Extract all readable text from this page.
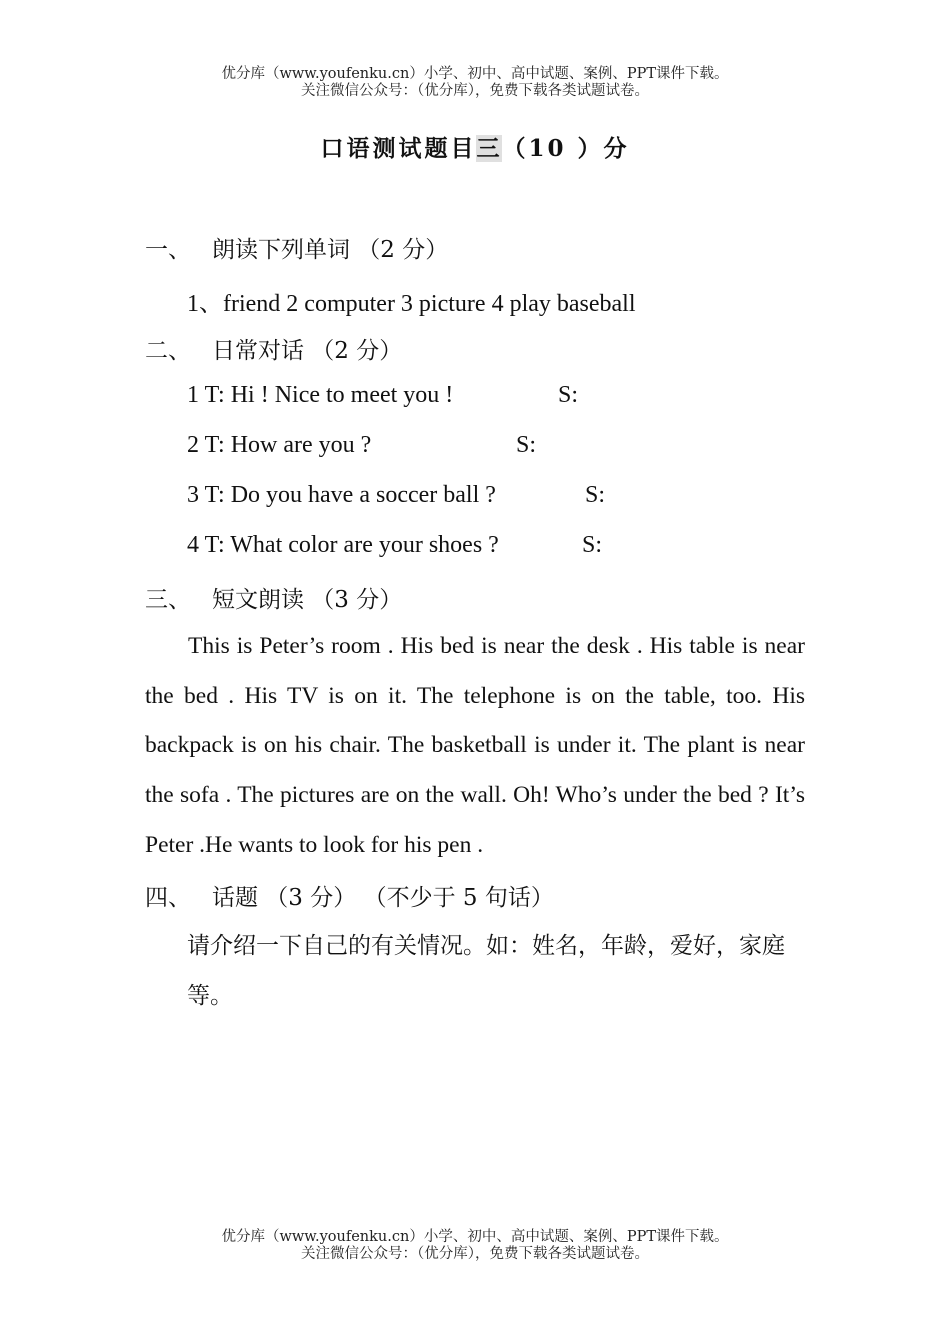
优分库（www.youfenku.cn）小学、初中、高中试题、案例、PPT课件下载。
关注微信公众号：（优分库），免费下载各类试题试卷。
口语测试题目三（10 ）分
一、 朗读下列单词 （2 分）
1、friend 2 computer 3 picture 4 play baseball
二、 日常对话 （2 分）
1 T: Hi ! Nice to meet you !	S:
2 T: How are you ?	S:
3 T: Do you have a soccer ball ?	S:
4 T: What color are your shoes ?	S:
三、 短文朗读 （3 分）
This is Peter’s room . His bed is near the desk . His table is near the bed . His TV is on it. The telephone is on the table, too. His backpack is on his chair. The basketball is under it. The plant is near the sofa . The pictures are on the wall. Oh! Who’s under the bed ? It’s Peter .He wants to look for his pen .
四、 话题 （3 分） （不少于 5 句话）
请介绍一下自己的有关情况。如：姓名，年龄，爱好，家庭等。
优分库（www.youfenku.cn）小学、初中、高中试题、案例、PPT课件下载。
关注微信公众号：（优分库），免费下载各类试题试卷。
